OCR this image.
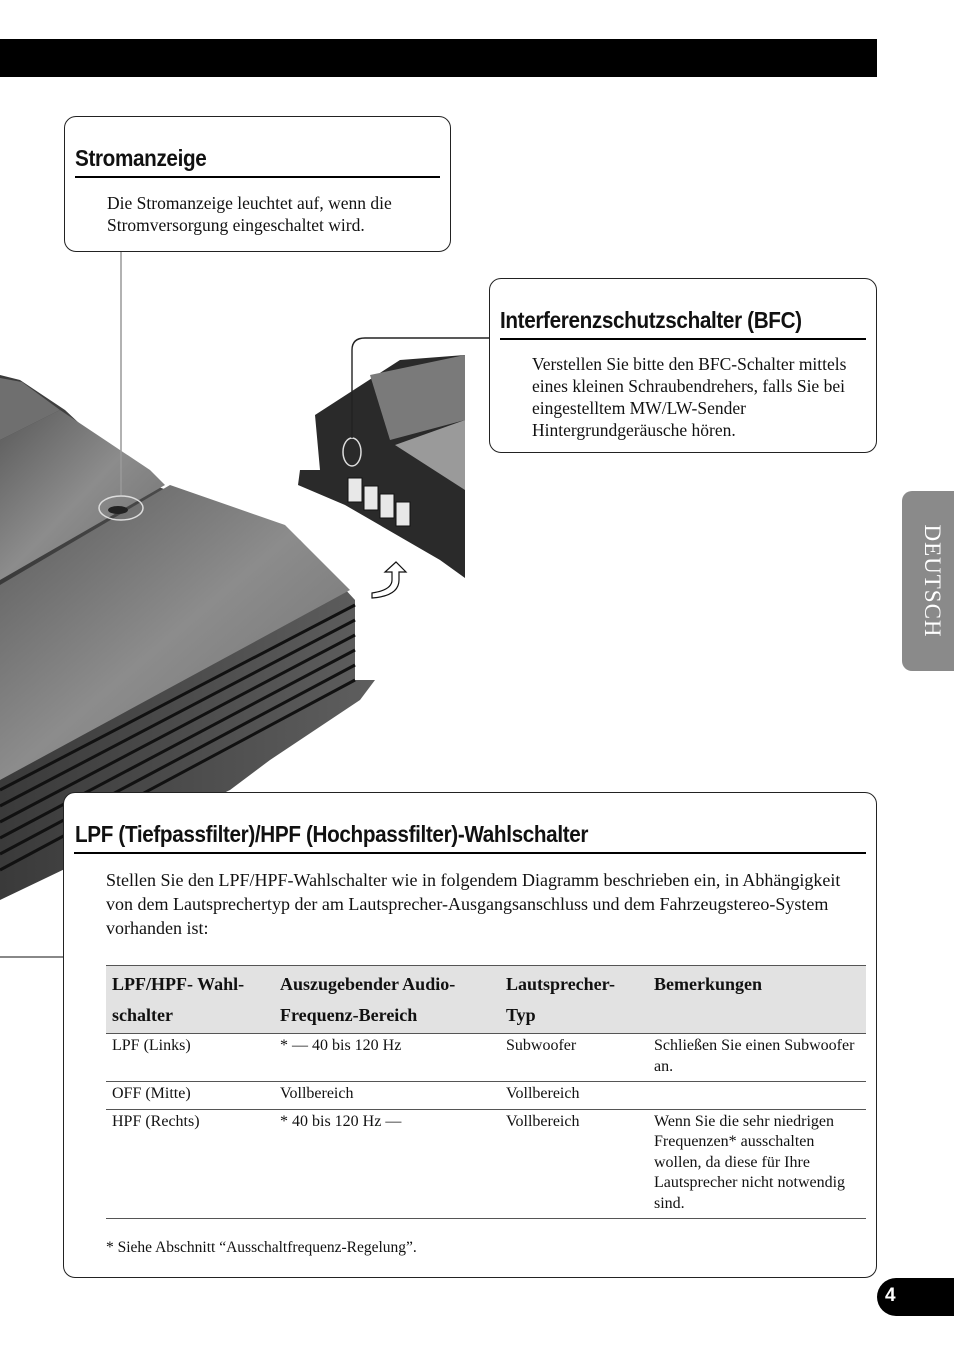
Stromanzeige

Die Stromanzeige leuchtet auf, wenn die Stromversorgung eingeschaltet wird.

Interferenzschutzschalter (BFC)

Verstellen Sie bitte den BFC-Schalter mittels eines kleinen Schraubendrehers, falls Sie bei eingestelltem MW/LW-Sender Hintergrundgeräusche hören.

LPF (Tiefpassfilter)/HPF (Hochpassfilter)-Wahlschalter

Stellen Sie den LPF/HPF-Wahlschalter wie in folgendem Diagramm beschrieben ein, in Abhängigkeit von dem Lautsprechertyp der am Lautsprecher-Ausgangsanschluss und dem Fahrzeugstereo-System vorhanden ist:

LPF/HPF- Wahl-schalter	Auszugebender Audio-Frequenz-Bereich	Lautsprecher-Typ	Bemerkungen
LPF (Links)	* — 40 bis 120 Hz	Subwoofer	Schließen Sie einen Subwoofer an.
OFF (Mitte)	Vollbereich	Vollbereich	
HPF (Rechts)	* 40 bis 120 Hz —	Vollbereich	Wenn Sie die sehr niedrigen Frequenzen* ausschalten wollen, da diese für Ihre Lautsprecher nicht notwendig sind.
* Siehe Abschnitt “Ausschaltfrequenz-Regelung”.
DEUTSCH
4
